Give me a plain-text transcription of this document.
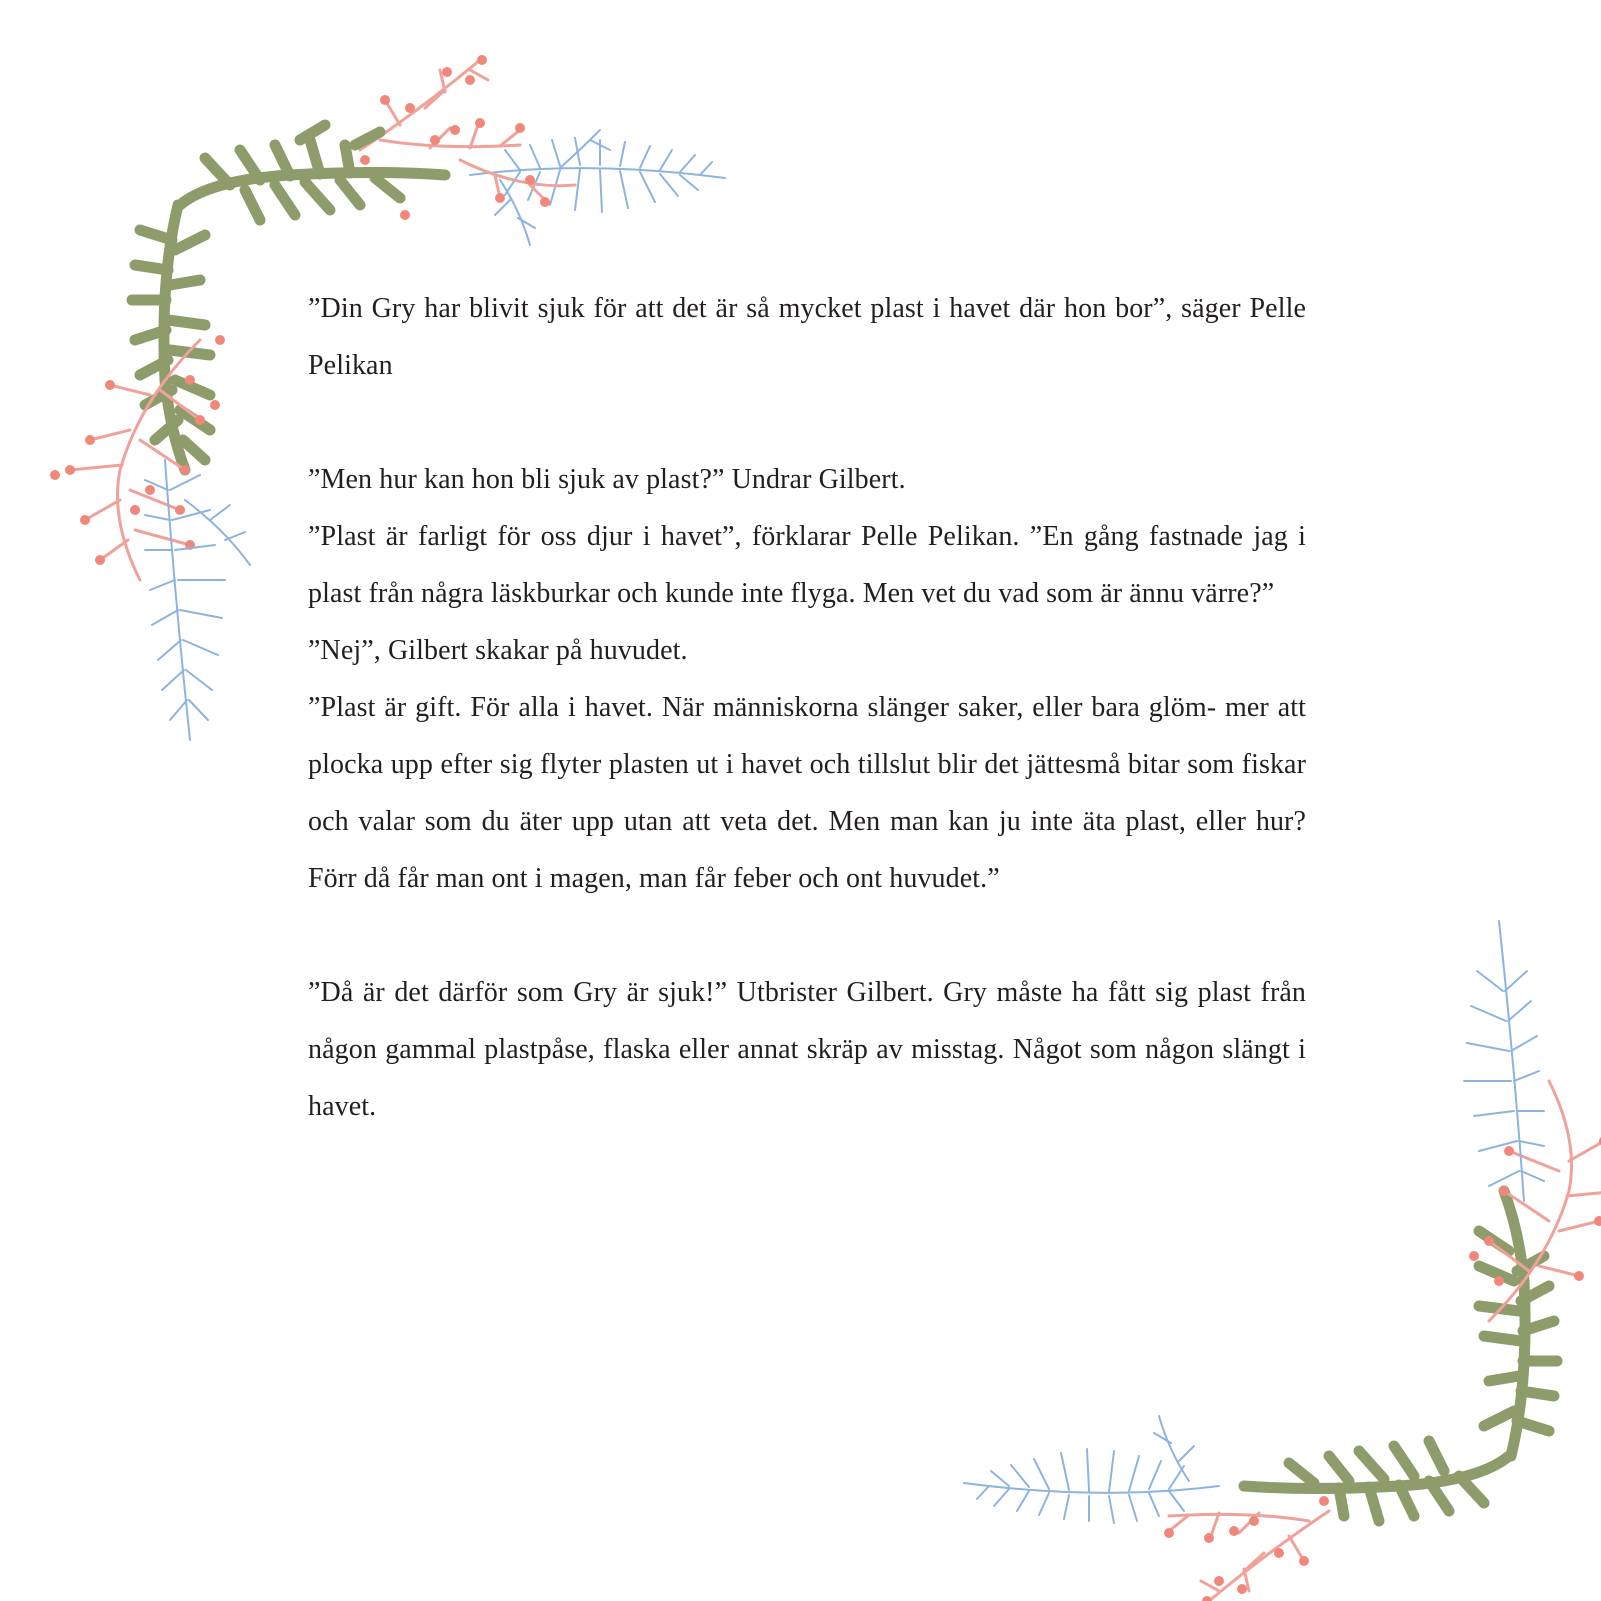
”Din Gry har blivit sjuk för att det är så mycket plast i havet där hon bor”, säger Pelle Pelikan

”Men hur kan hon bli sjuk av plast?” Undrar Gilbert.

”Plast är farligt för oss djur i havet”, förklarar Pelle Pelikan. ”En gång fastnade jag i plast från några läskburkar och kunde inte flyga. Men vet du vad som är ännu värre?”

”Nej”, Gilbert skakar på huvudet.

”Plast är gift. För alla i havet. När människorna slänger saker, eller bara glöm- mer att plocka upp efter sig flyter plasten ut i havet och tillslut blir det jättesmå bitar som fiskar och valar som du äter upp utan att veta det. Men man kan ju inte äta plast, eller hur? Förr då får man ont i magen, man får feber och ont huvudet.”

”Då är det därför som Gry är sjuk!” Utbrister Gilbert. Gry måste ha fått sig plast från någon gammal plastpåse, flaska eller annat skräp av misstag. Något som någon slängt i havet.
